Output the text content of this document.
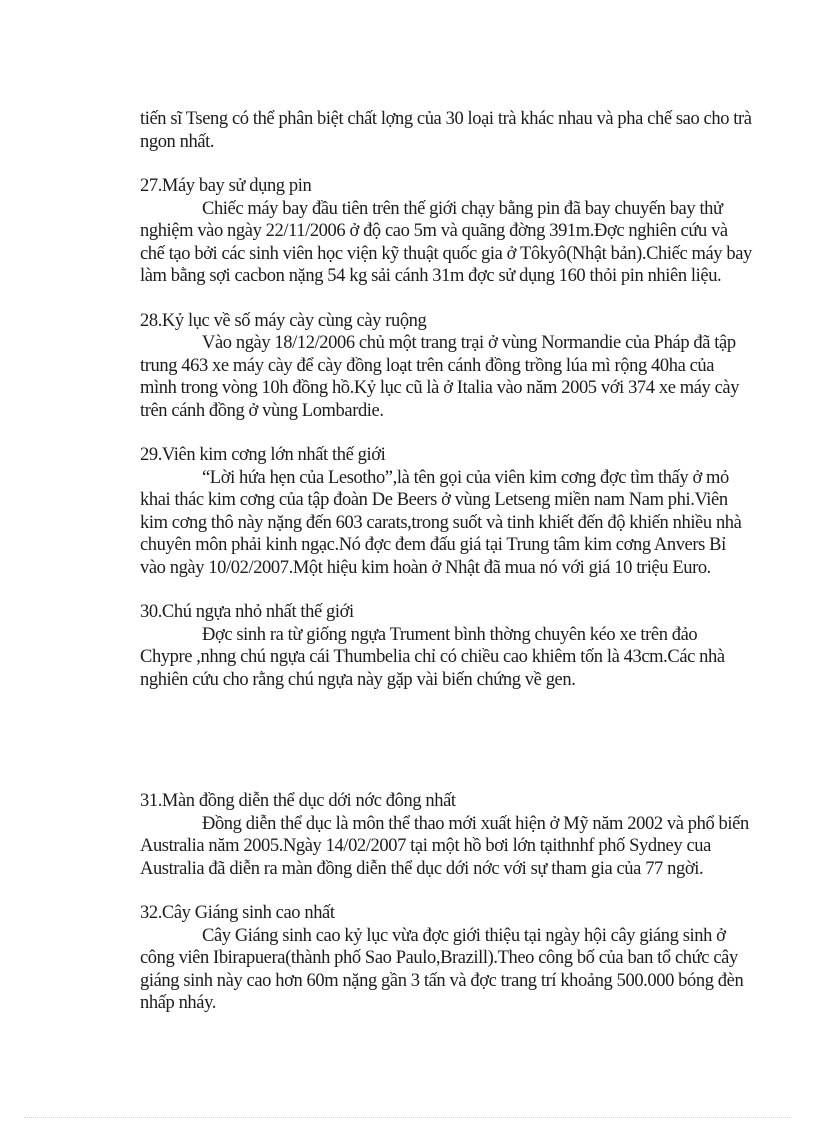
tiến sĩ Tseng có thể phân biệt chất lợng của 30 loại trà khác nhau và pha chế sao cho trà ngon nhất.

27.Máy bay sử dụng pin

Chiếc máy bay đầu tiên trên thế giới chạy bằng pin đã bay chuyến bay thử nghiệm vào ngày 22/11/2006 ở độ cao 5m và quãng đờng 391m.Đợc nghiên cứu và chế tạo bởi các sinh viên học viện kỹ thuật quốc gia ở Tôkyô(Nhật bản).Chiếc máy bay làm bằng sợi cacbon nặng 54 kg sải cánh 31m đợc sử dụng 160 thỏi pin nhiên liệu.

28.Kỷ lục về số máy cày cùng cày ruộng

Vào ngày 18/12/2006 chủ một trang trại ở vùng Normandie của Pháp đã tập trung 463 xe máy cày để cày đồng loạt trên cánh đồng trồng lúa mì rộng 40ha của mình trong vòng 10h đồng hồ.Kỷ lục cũ là ở Italia vào năm 2005 với 374 xe máy cày trên cánh đồng ở vùng Lombardie.

29.Viên kim cơng lớn nhất thế giới

“Lời hứa hẹn của Lesotho”,là tên gọi của viên kim cơng đợc tìm thấy ở mỏ khai thác kim cơng của tập đoàn De Beers ở vùng Letseng miền nam Nam phi.Viên kim cơng thô này nặng đến 603 carats,trong suốt và tinh khiết đến độ khiến nhiều nhà chuyên môn phải kinh ngạc.Nó đợc đem đấu giá tại Trung tâm kim cơng Anvers Bỉ vào ngày 10/02/2007.Một hiệu kim hoàn ở Nhật đã mua nó với giá 10 triệu Euro.

30.Chú ngựa nhỏ nhất thế giới

Đợc sinh ra từ giống ngựa Trument bình thờng chuyên kéo xe trên đảo Chypre ,nhng chú ngựa cái Thumbelia chỉ có chiều cao khiêm tốn là 43cm.Các nhà nghiên cứu cho rằng chú ngựa này gặp vài biến chứng về gen.

31.Màn đồng diễn thể dục dới nớc đông nhất

Đồng diễn thể dục là môn thể thao mới xuất hiện ở Mỹ năm 2002 và phổ biến Australia năm 2005.Ngày 14/02/2007 tại một hồ bơi lớn tạithnhf phố Sydney cua Australia đã diễn ra màn đồng diễn thể dục dới nớc với sự tham gia của 77 ngời.

32.Cây Giáng sinh cao nhất

Cây Giáng sinh cao kỷ lục vừa đợc giới thiệu tại ngày hội cây giáng sinh ở công viên Ibirapuera(thành phố Sao Paulo,Brazill).Theo công bố của ban tổ chức cây giáng sinh này cao hơn 60m nặng gần 3 tấn và đợc trang trí khoảng 500.000 bóng đèn nhấp nháy.
